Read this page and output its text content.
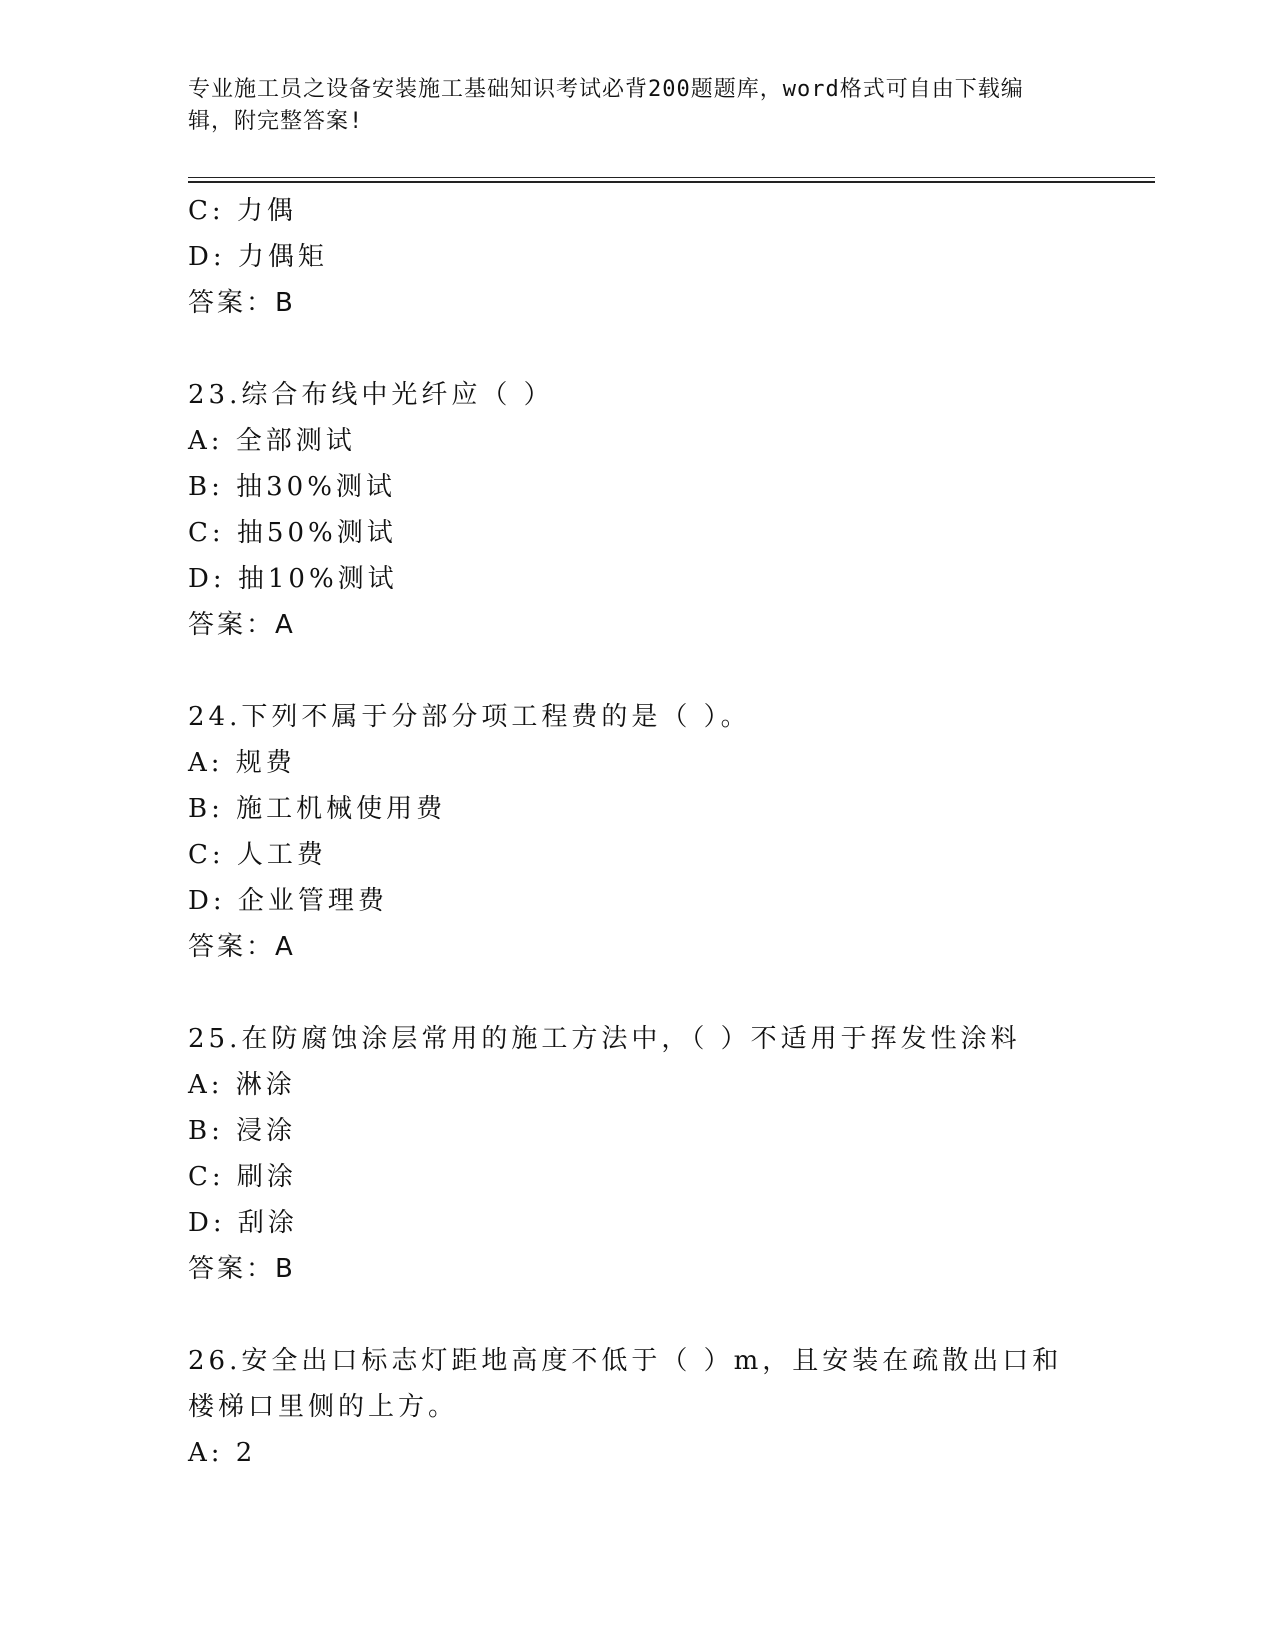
专业施工员之设备安装施工基础知识考试必背200题题库，word格式可自由下载编辑，附完整答案!
C: 力偶
D: 力偶矩
答案：B
23.综合布线中光纤应（ ）
A: 全部测试
B: 抽30%测试
C: 抽50%测试
D: 抽10%测试
答案：A
24.下列不属于分部分项工程费的是（ ）。
A: 规费
B: 施工机械使用费
C: 人工费
D: 企业管理费
答案：A
25.在防腐蚀涂层常用的施工方法中，（ ）不适用于挥发性涂料
A: 淋涂
B: 浸涂
C: 刷涂
D: 刮涂
答案：B
26.安全出口标志灯距地高度不低于（ ）m，且安装在疏散出口和楼梯口里侧的上方。
A: 2
